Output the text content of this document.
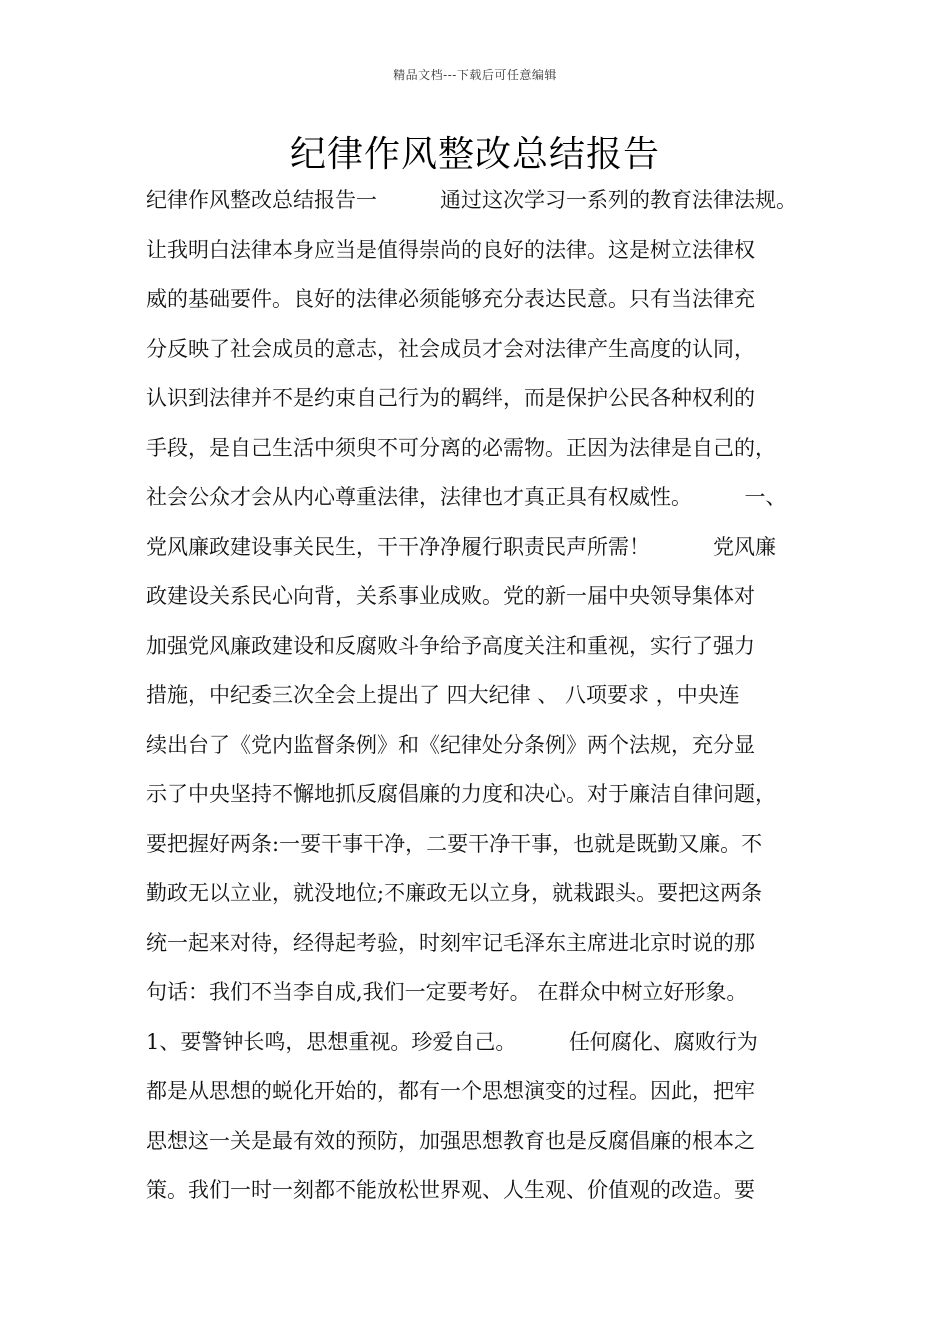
精品文档---下载后可任意编辑
纪律作风整改总结报告
纪律作风整改总结报告一　　　通过这次学习一系列的教育法律法规。
让我明白法律本身应当是值得崇尚的良好的法律。这是树立法律权
威的基础要件。良好的法律必须能够充分表达民意。只有当法律充
分反映了社会成员的意志，社会成员才会对法律产生高度的认同，
认识到法律并不是约束自己行为的羁绊，而是保护公民各种权利的
手段，是自己生活中须臾不可分离的必需物。正因为法律是自己的，
社会公众才会从内心尊重法律，法律也才真正具有权威性。　　　一、
党风廉政建设事关民生，干干净净履行职责民声所需！　　　党风廉
政建设关系民心向背，关系事业成败。党的新一届中央领导集体对
加强党风廉政建设和反腐败斗争给予高度关注和重视，实行了强力
措施，中纪委三次全会上提出了 四大纪律 、 八项要求 ，中央连
续出台了《党内监督条例》和《纪律处分条例》两个法规，充分显
示了中央坚持不懈地抓反腐倡廉的力度和决心。对于廉洁自律问题，
要把握好两条:一要干事干净，二要干净干事，也就是既勤又廉。不
勤政无以立业，就没地位;不廉政无以立身，就栽跟头。要把这两条
统一起来对待，经得起考验，时刻牢记毛泽东主席进北京时说的那
句话：我们不当李自成,我们一定要考好。 在群众中树立好形象。
1、要警钟长鸣，思想重视。珍爱自己。　　　任何腐化、腐败行为
都是从思想的蜕化开始的，都有一个思想演变的过程。因此，把牢
思想这一关是最有效的预防，加强思想教育也是反腐倡廉的根本之
策。我们一时一刻都不能放松世界观、人生观、价值观的改造。要
